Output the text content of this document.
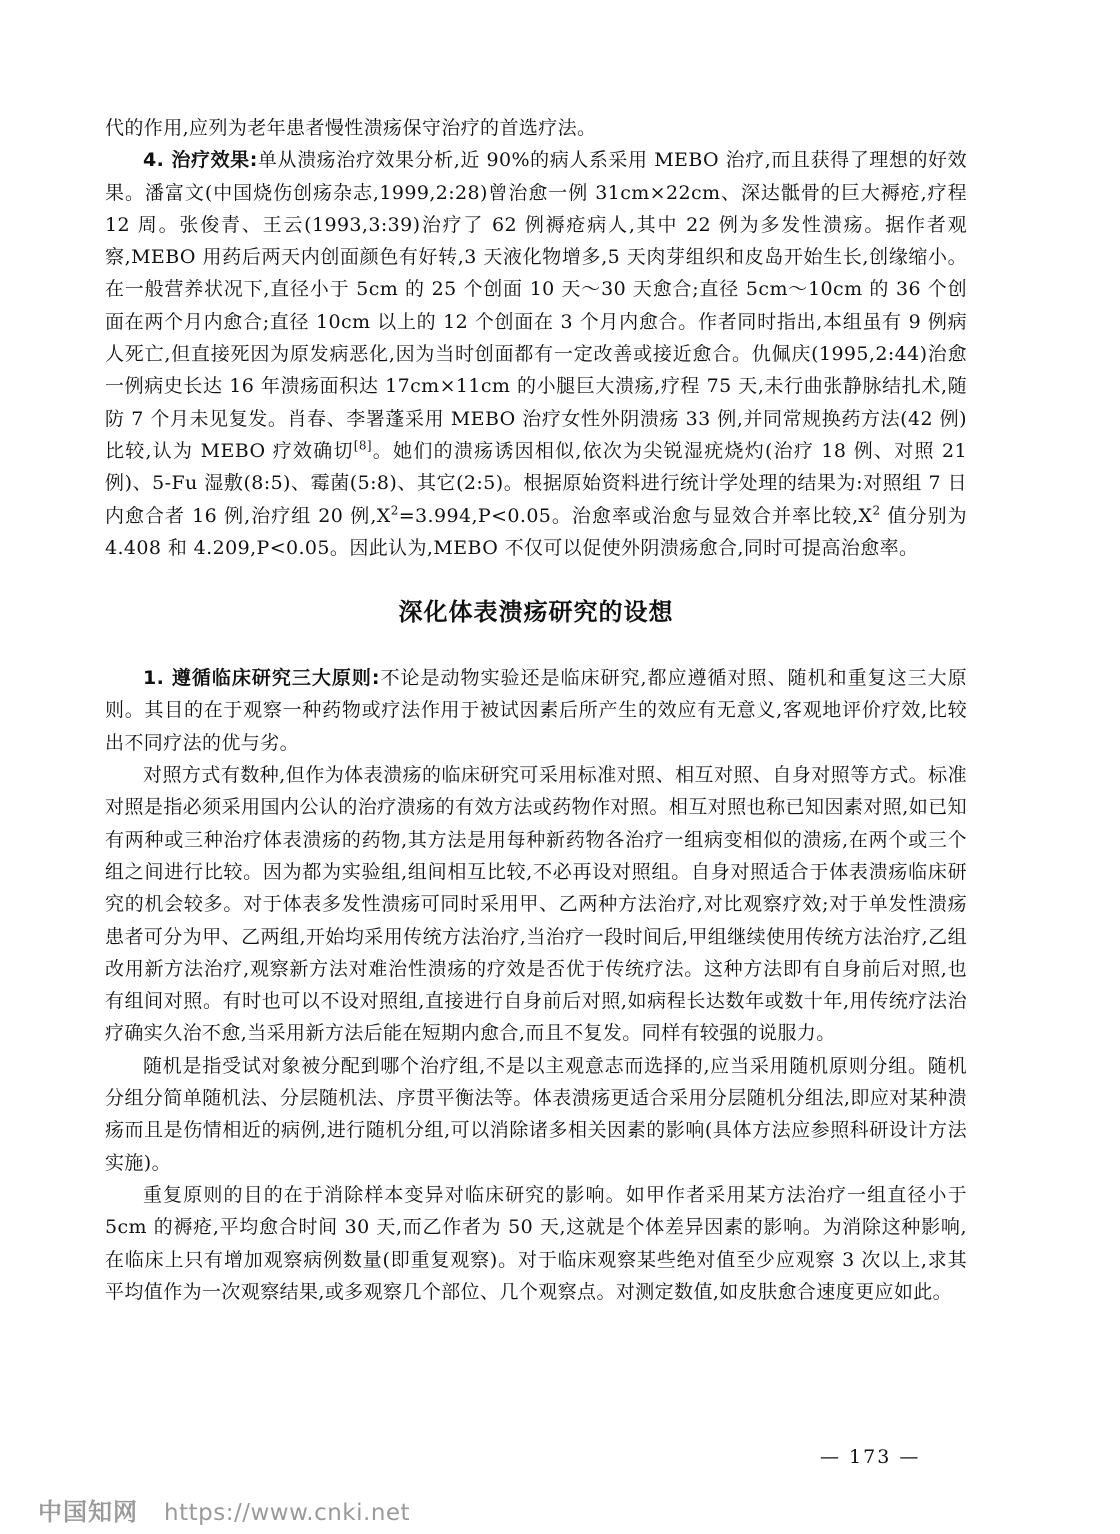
代的作用,应列为老年患者慢性溃疡保守治疗的首选疗法。

4. 治疗效果:单从溃疡治疗效果分析,近 90%的病人系采用 MEBO 治疗,而且获得了理想的好效果。潘富文(中国烧伤创疡杂志,1999,2:28)曾治愈一例 31cm×22cm、深达骶骨的巨大褥疮,疗程 12 周。张俊青、王云(1993,3:39)治疗了 62 例褥疮病人,其中 22 例为多发性溃疡。据作者观察,MEBO 用药后两天内创面颜色有好转,3 天液化物增多,5 天肉芽组织和皮岛开始生长,创缘缩小。在一般营养状况下,直径小于 5cm 的 25 个创面 10 天～30 天愈合;直径 5cm～10cm 的 36 个创面在两个月内愈合;直径 10cm 以上的 12 个创面在 3 个月内愈合。作者同时指出,本组虽有 9 例病人死亡,但直接死因为原发病恶化,因为当时创面都有一定改善或接近愈合。仇佩庆(1995,2:44)治愈一例病史长达 16 年溃疡面积达 17cm×11cm 的小腿巨大溃疡,疗程 75 天,未行曲张静脉结扎术,随防 7 个月未见复发。肖春、李署蓬采用 MEBO 治疗女性外阴溃疡 33 例,并同常规换药方法(42 例)比较,认为 MEBO 疗效确切[8]。她们的溃疡诱因相似,依次为尖锐湿疣烧灼(治疗 18 例、对照 21 例)、5-Fu 湿敷(8:5)、霉菌(5:8)、其它(2:5)。根据原始资料进行统计学处理的结果为:对照组 7 日内愈合者 16 例,治疗组 20 例$,X^2=3.994,P<0.05$。治愈率或治愈与显效合并率比较$,X^2$ 值分别为 4.408 和 4.209,P<0.05。因此认为,MEBO 不仅可以促使外阴溃疡愈合,同时可提高治愈率。

深化体表溃疡研究的设想

1. 遵循临床研究三大原则:不论是动物实验还是临床研究,都应遵循对照、随机和重复这三大原则。其目的在于观察一种药物或疗法作用于被试因素后所产生的效应有无意义,客观地评价疗效,比较出不同疗法的优与劣。

对照方式有数种,但作为体表溃疡的临床研究可采用标准对照、相互对照、自身对照等方式。标准对照是指必须采用国内公认的治疗溃疡的有效方法或药物作对照。相互对照也称已知因素对照,如已知有两种或三种治疗体表溃疡的药物,其方法是用每种新药物各治疗一组病变相似的溃疡,在两个或三个组之间进行比较。因为都为实验组,组间相互比较,不必再设对照组。自身对照适合于体表溃疡临床研究的机会较多。对于体表多发性溃疡可同时采用甲、乙两种方法治疗,对比观察疗效;对于单发性溃疡患者可分为甲、乙两组,开始均采用传统方法治疗,当治疗一段时间后,甲组继续使用传统方法治疗,乙组改用新方法治疗,观察新方法对难治性溃疡的疗效是否优于传统疗法。这种方法即有自身前后对照,也有组间对照。有时也可以不设对照组,直接进行自身前后对照,如病程长达数年或数十年,用传统疗法治疗确实久治不愈,当采用新方法后能在短期内愈合,而且不复发。同样有较强的说服力。

随机是指受试对象被分配到哪个治疗组,不是以主观意志而选择的,应当采用随机原则分组。随机分组分简单随机法、分层随机法、序贯平衡法等。体表溃疡更适合采用分层随机分组法,即应对某种溃疡而且是伤情相近的病例,进行随机分组,可以消除诸多相关因素的影响(具体方法应参照科研设计方法实施)。

重复原则的目的在于消除样本变异对临床研究的影响。如甲作者采用某方法治疗一组直径小于 5cm 的褥疮,平均愈合时间 30 天,而乙作者为 50 天,这就是个体差异因素的影响。为消除这种影响,在临床上只有增加观察病例数量(即重复观察)。对于临床观察某些绝对值至少应观察 3 次以上,求其平均值作为一次观察结果,或多观察几个部位、几个观察点。对测定数值,如皮肤愈合速度更应如此。

— 173 —
中国知网 https://www.cnki.net
